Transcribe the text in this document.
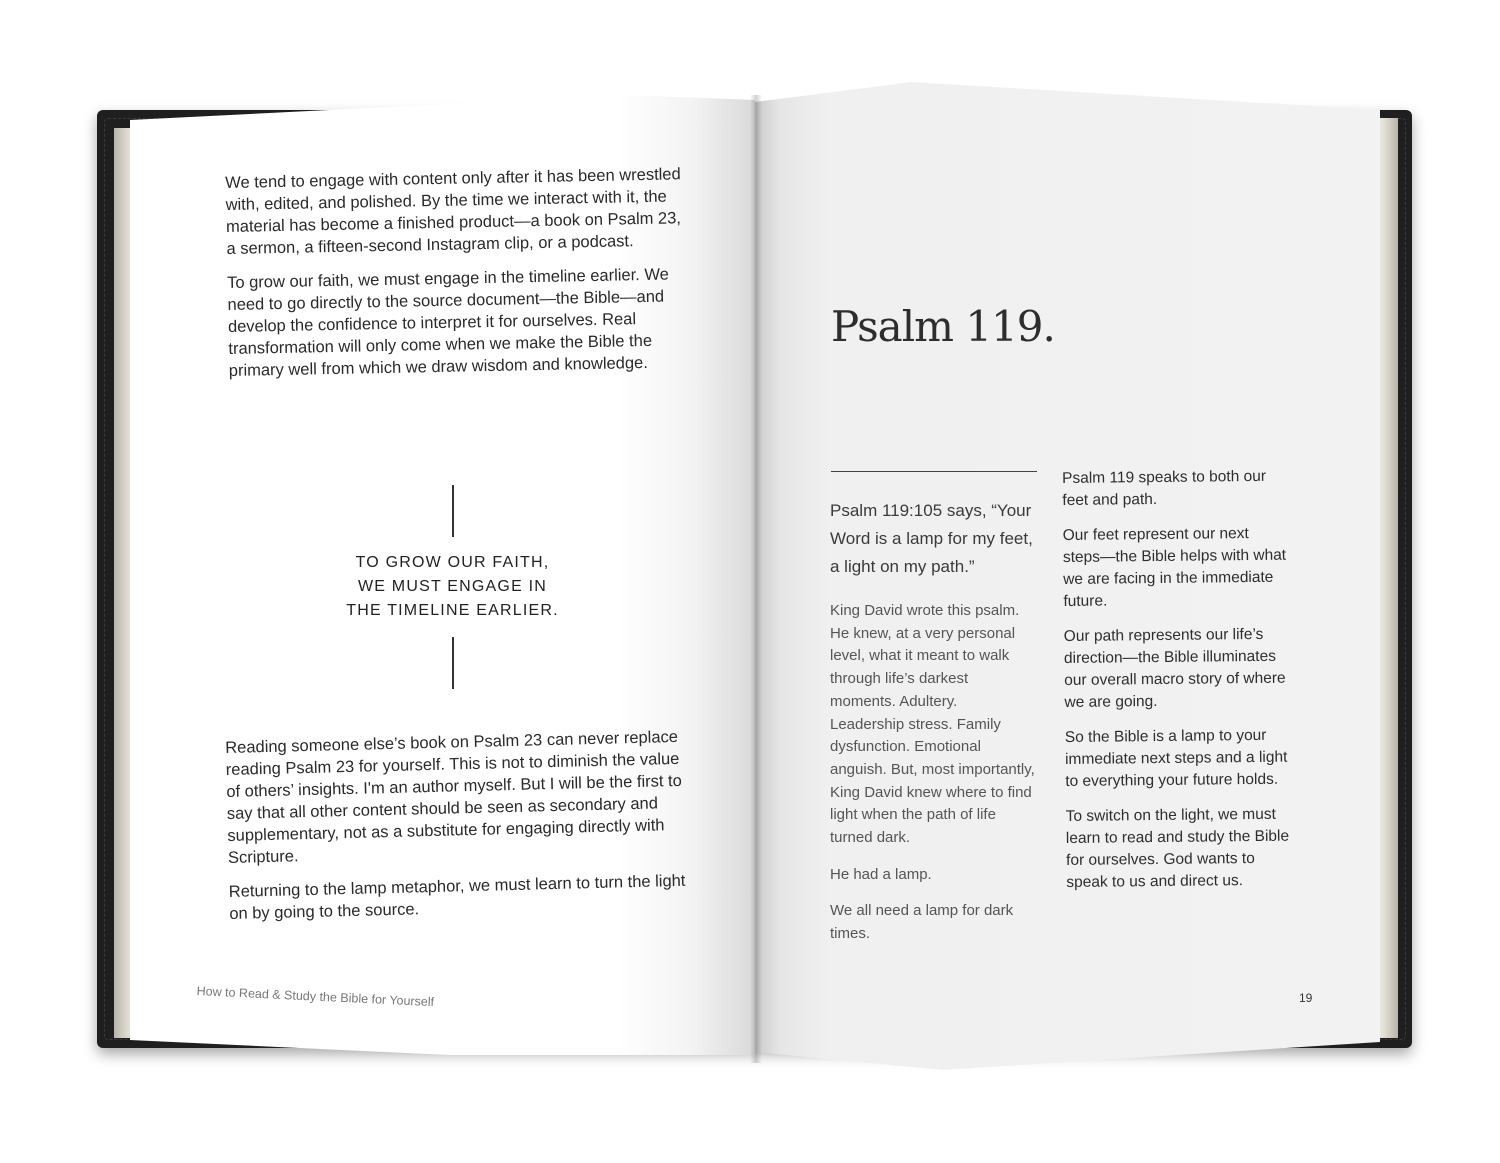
We tend to engage with content only after it has been wrestled with, edited, and polished. By the time we interact with it, the material has become a finished product—a book on Psalm 23, a sermon, a fifteen-second Instagram clip, or a podcast.

To grow our faith, we must engage in the timeline earlier. We need to go directly to the source document—the Bible—and develop the confidence to interpret it for ourselves. Real transformation will only come when we make the Bible the primary well from which we draw wisdom and knowledge.

TO GROW OUR FAITH,
WE MUST ENGAGE IN
THE TIMELINE EARLIER.

Reading someone else’s book on Psalm 23 can never replace reading Psalm 23 for yourself. This is not to diminish the value of others’ insights. I'm an author myself. But I will be the first to say that all other content should be seen as secondary and supplementary, not as a substitute for engaging directly with Scripture.

Returning to the lamp metaphor, we must learn to turn the light on by going to the source.

How to Read & Study the Bible for Yourself
Psalm 119.
Psalm 119:105 says, “Your Word is a lamp for my feet, a light on my path.”

King David wrote this psalm. He knew, at a very personal level, what it meant to walk through life’s darkest moments. Adultery. Leadership stress. Family dysfunction. Emotional anguish. But, most importantly, King David knew where to find light when the path of life turned dark.

He had a lamp.

We all need a lamp for dark times.

Psalm 119 speaks to both our feet and path.

Our feet represent our next steps—the Bible helps with what we are facing in the immediate future.

Our path represents our life’s direction—the Bible illuminates our overall macro story of where we are going.

So the Bible is a lamp to your immediate next steps and a light to everything your future holds.

To switch on the light, we must learn to read and study the Bible for ourselves. God wants to speak to us and direct us.

19
